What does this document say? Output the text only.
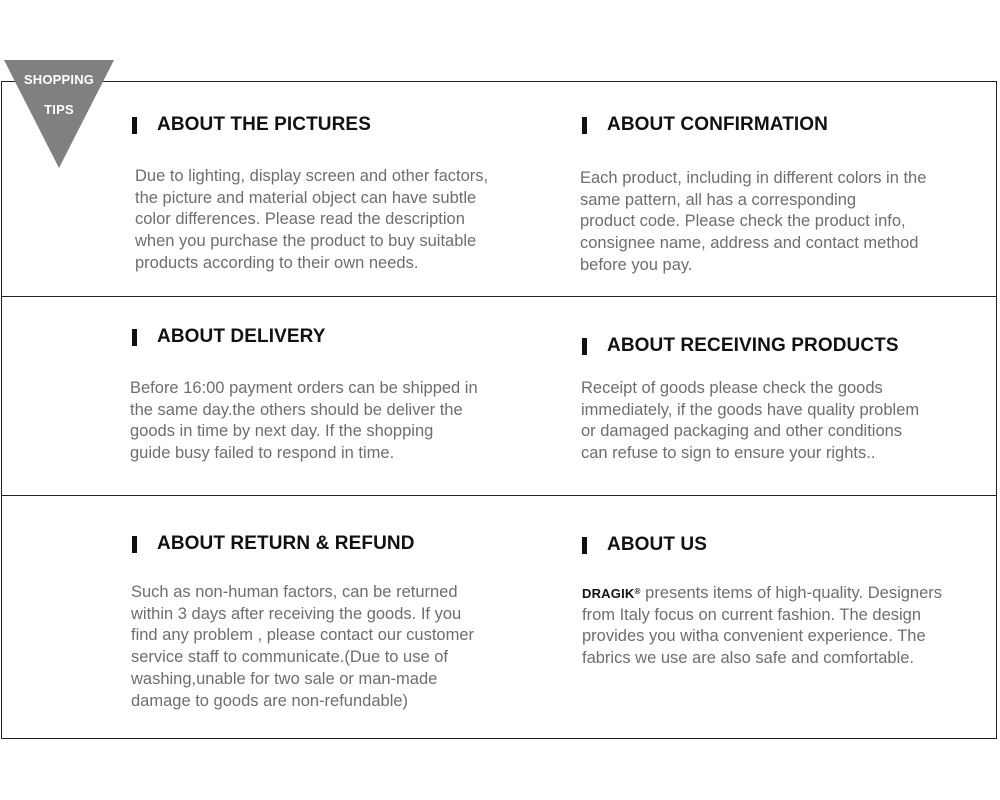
SHOPPING
TIPS
ABOUT THE PICTURES
Due to lighting, display screen and other factors,
the picture and material object can have subtle
color differences. Please read the description
when you purchase the product to buy suitable
products according to their own needs.
ABOUT CONFIRMATION
Each product, including in different colors in the
same pattern, all has a corresponding
product code. Please check the product info,
consignee name, address and contact method
before you pay.
ABOUT DELIVERY
Before 16:00 payment orders can be shipped in
the same day.the others should be deliver the
goods in time by next day. If the shopping
guide busy failed to respond in time.
ABOUT RECEIVING PRODUCTS
Receipt of goods please check the goods
immediately, if the goods have quality problem
or damaged packaging and other conditions
can refuse to sign to ensure your rights..
ABOUT RETURN & REFUND
Such as non-human factors, can be returned
within 3 days after receiving the goods. If you
find any problem , please contact our customer
service staff to communicate.(Due to use of
washing,unable for two sale or man-made
damage to goods are non-refundable)
ABOUT US
DRAGIK® presents items of high-quality. Designers
from Italy focus on current fashion. The design
provides you witha convenient experience. The
fabrics we use are also safe and comfortable.
